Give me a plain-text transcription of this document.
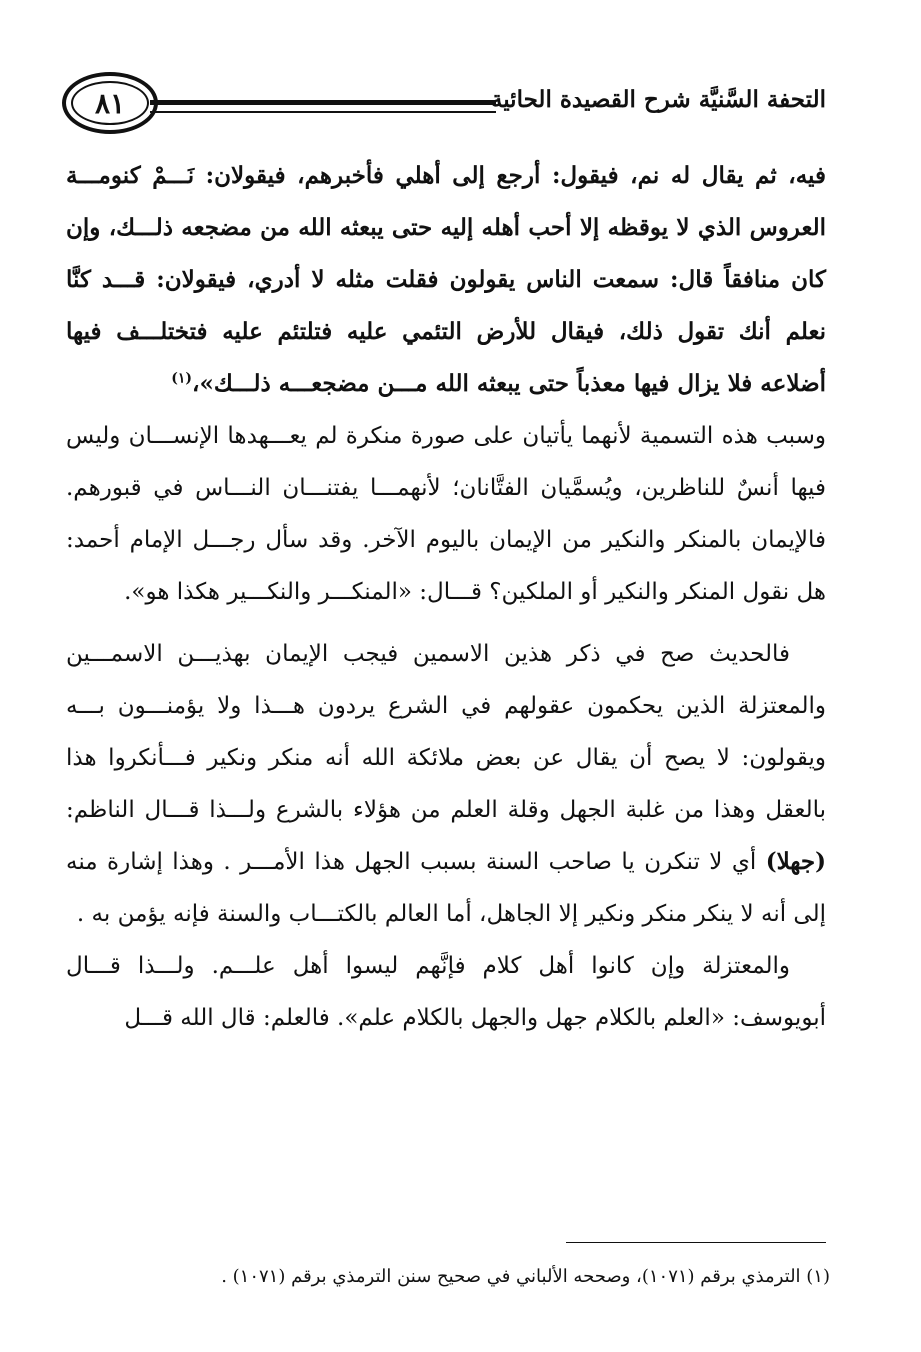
التحفة السَّنيَّة شرح القصيدة الحائية
٨١

فيه، ثم يقال له نم، فيقول: أرجع إلى أهلي فأخبرهم، فيقولان: نَـــمْ كنومـــة العروس الذي لا يوقظه إلا أحب أهله إليه حتى يبعثه الله من مضجعه ذلـــك، وإن كان منافقاً قال: سمعت الناس يقولون فقلت مثله لا أدري، فيقولان: قـــد كنَّا نعلم أنك تقول ذلك، فيقال للأرض التئمي عليه فتلتئم عليه فتختلـــف فيها أضلاعه فلا يزال فيها معذباً حتى يبعثه الله مـــن مضجعـــه ذلـــك»،$^{(١)}$

وسبب هذه التسمية لأنهما يأتيان على صورة منكرة لم يعـــهدها الإنســـان وليس فيها أنسٌ للناظرين، ويُسمَّيان الفتَّانان؛ لأنهمـــا يفتنـــان النـــاس في قبورهم. فالإيمان بالمنكر والنكير من الإيمان باليوم الآخر. وقد سأل رجـــل الإمام أحمد: هل نقول المنكر والنكير أو الملكين؟ قـــال: «المنكـــر والنكـــير هكذا هو».

فالحديث صح في ذكر هذين الاسمين فيجب الإيمان بهذيـــن الاسمـــين والمعتزلة الذين يحكمون عقولهم في الشرع يردون هـــذا ولا يؤمنـــون بـــه ويقولون: لا يصح أن يقال عن بعض ملائكة الله أنه منكر ونكير فـــأنكروا هذا بالعقل وهذا من غلبة الجهل وقلة العلم من هؤلاء بالشرع ولـــذا قـــال الناظم: (جهلا) أي لا تنكرن يا صاحب السنة بسبب الجهل هذا الأمـــر . وهذا إشارة منه إلى أنه لا ينكر منكر ونكير إلا الجاهل، أما العالم بالكتـــاب والسنة فإنه يؤمن به .

والمعتزلة وإن كانوا أهل كلام فإنَّهم ليسوا أهل علـــم. ولـــذا قـــال أبويوسف: «العلم بالكلام جهل والجهل بالكلام علم». فالعلم: قال الله قـــل

(١) الترمذي برقم (١٠٧١)، وصححه الألباني في صحيح سنن الترمذي برقم (١٠٧١) .
